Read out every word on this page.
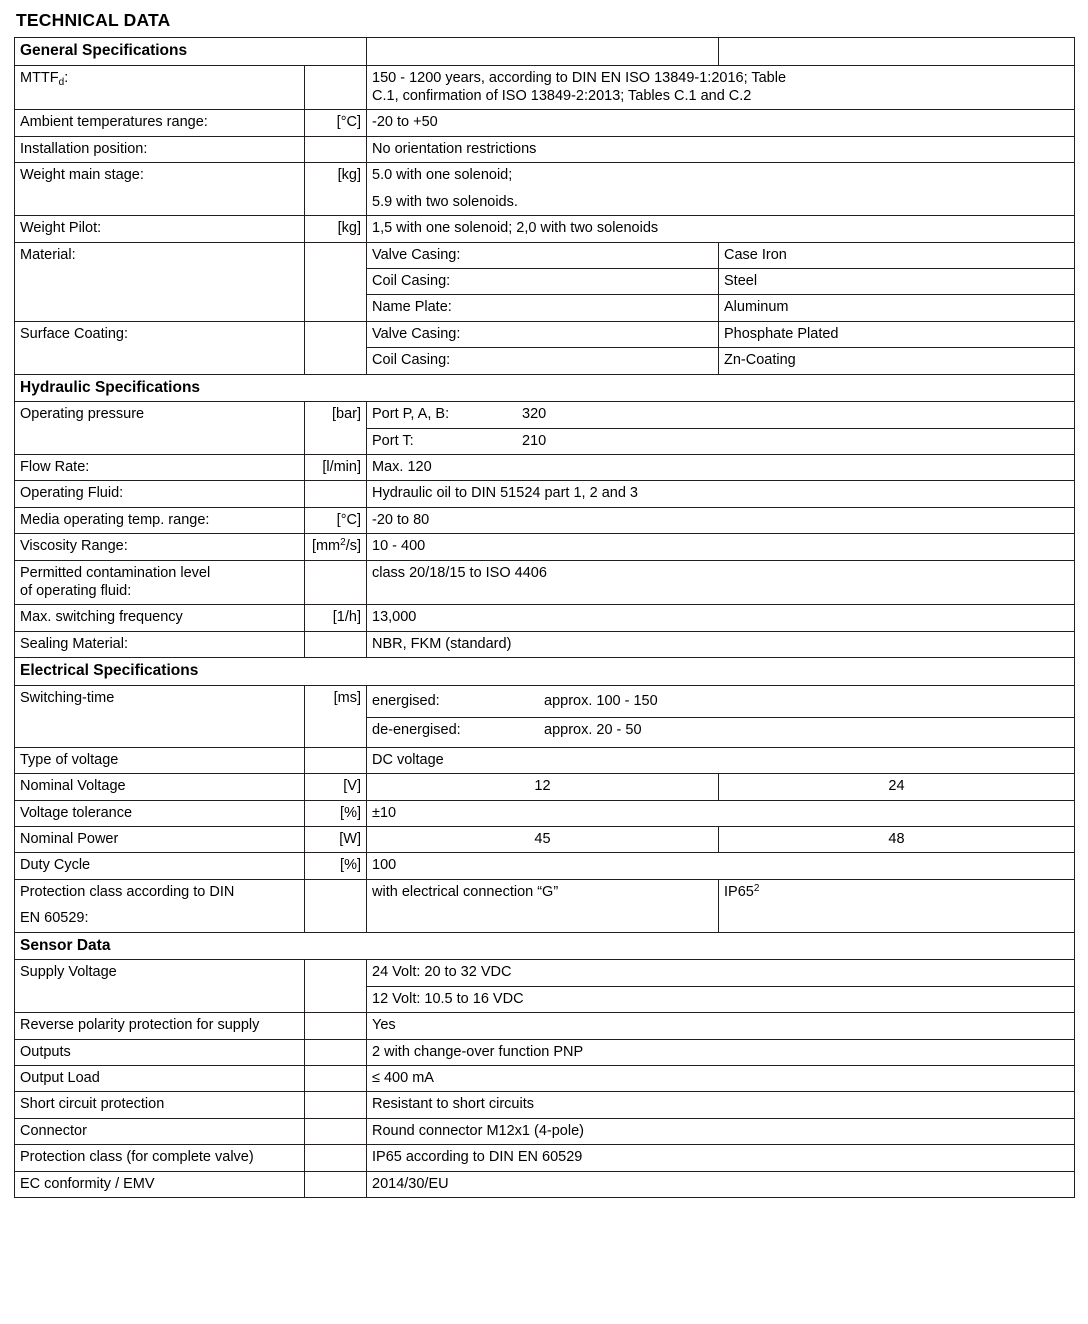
TECHNICAL DATA
General Specifications			
$MTTF_d$:		150 - 1200 years, according to DIN EN ISO 13849-1:2016; Table
C.1, confirmation of ISO 13849-2:2013; Tables C.1 and C.2	

Ambient temperatures range:	[°C]	-20 to +50	
Installation position:		No orientation restrictions	
Weight main stage:	[kg]	5.0 with one solenoid;
5.9 with two solenoids.	

Weight Pilot:	[kg]	1,5 with one solenoid; 2,0 with two solenoids	
Material:		Valve Casing:	Case Iron
		Coil Casing:	Steel
		Name Plate:	Aluminum
Surface Coating:		Valve Casing:	Phosphate Plated
		Coil Casing:	Zn-Coating
Hydraulic Specifications			
Operating pressure	[bar]	Port P, A, B: 320	
		Port T: 210	
Flow Rate:	[l/min]	Max. 120	
Operating Fluid:		Hydraulic oil to DIN 51524 part 1, 2 and 3	
Media operating temp. range:	[°C]	-20 to 80	
Viscosity Range:	$[mm^2/s]$	10 - 400	

Permitted contamination level
of operating fluid:		class 20/18/15 to ISO 4406	
Max. switching frequency	[1/h]	13,000	
Sealing Material:		NBR, FKM (standard)	
Electrical Specifications			
Switching-time	[ms]	energised: approx. 100 - 150	
		de-energised: approx. 20 - 50	
Type of voltage		DC voltage	
Nominal Voltage	[V]	12	24
Voltage tolerance	[%]	±10	
Nominal Power	[W]	45	48
Duty Cycle	[%]	100	

Protection class according to DIN
EN 60529:		with electrical connection “G”	$IP65^2$
Sensor Data			
Supply Voltage		24 Volt: 20 to 32 VDC	
		12 Volt: 10.5 to 16 VDC	
Reverse polarity protection for supply		Yes	
Outputs		2 with change-over function PNP	
Output Load		≤ 400 mA	
Short circuit protection		Resistant to short circuits	
Connector		Round connector M12x1 (4-pole)	
Protection class (for complete valve)		IP65 according to DIN EN 60529	
EC conformity / EMV		2014/30/EU	
